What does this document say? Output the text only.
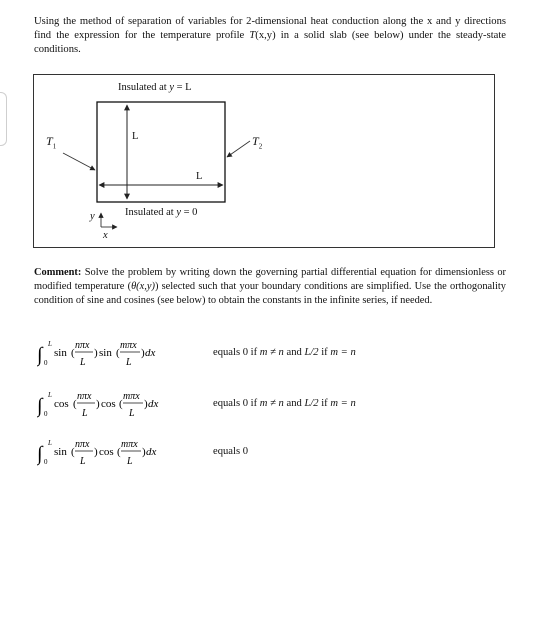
Using the method of separation of variables for 2-dimensional heat conduction along the x and y directions find the expression for the temperature profile T(x,y) in a solid slab (see below) under the steady-state conditions.

Insulated at y = L
Insulated at y = 0
$T_1$	$T_2$
L
L
y
x

Comment: Solve the problem by writing down the governing partial differential equation for dimensionless or modified temperature (θ(x,y)) selected such that your boundary conditions are simplified. Use the orthogonality condition of sine and cosines (see below) to obtain the constants in the infinite series, if needed.

∫ L
0
sin (
nπx
L
) sin (
mπx
L
) dx	equals 0 if m ≠ n and L/2 if m = n
∫ L
0
cos (
nπx
L
) cos (
mπx
L
) dx	equals 0 if m ≠ n and L/2 if m = n
∫ L
0
sin (
nπx
L
) cos (
mπx
L
) dx	equals 0
